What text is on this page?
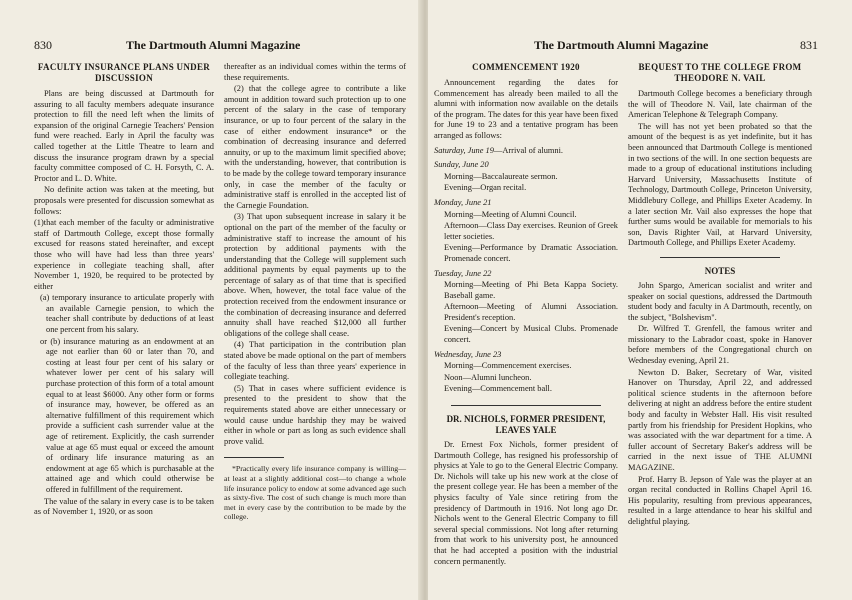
830	The Dartmouth Alumni Magazine
FACULTY INSURANCE PLANS UNDER DISCUSSION

Plans are being discussed at Dartmouth for assuring to all faculty members adequate insurance protection to fill the need left when the limits of expansion of the original Carnegie Teachers' Pension fund were reached. Early in April the faculty was called together at the Little Theatre to learn and discuss the insurance program drawn by a special faculty committee composed of C. H. Forsyth, C. A. Proctor and L. D. White.

No definite action was taken at the meeting, but proposals were presented for discussion somewhat as follows:

(1)that each member of the faculty or administrative staff of Dartmouth College, except those formally excused for reasons stated hereinafter, and except those who will have had less than three years' experience in collegiate teaching shall, after November 1, 1920, be required to be protected by either

(a) temporary insurance to articulate properly with an available Carnegie pension, to which the teacher shall contribute by deductions of at least one percent from his salary.

or (b) insurance maturing as an endowment at an age not earlier than 60 or later than 70, and costing at least four per cent of his salary or whatever lower per cent of his salary will purchase protection of this form of a total amount equal to at least $6000. Any other form or forms of insurance may, however, be offered as an alternative fulfillment of this requirement which provide a sufficient cash surrender value at the age of retirement. Explicitly, the cash surrender value at age 65 must equal or exceed the amount of ordinary life insurance maturing as an endowment at age 65 which is purchasable at the attained age and which could otherwise be offered in fulfillment of the requirement.

The value of the salary in every case is to be taken as of November 1, 1920, or as soon

thereafter as an individual comes within the terms of these requirements.

(2) that the college agree to contribute a like amount in addition toward such protection up to one percent of the salary in the case of temporary insurance, or up to four percent of the salary in the case of either endowment insurance* or the combination of decreasing insurance and deferred annuity, or up to the maximum limit specified above; with the understanding, however, that contribution is to be made by the college toward temporary insurance only, in case the member of the faculty or administrative staff is enrolled in the accepted list of the Carnegie Foundation.

(3) That upon subsequent increase in salary it be optional on the part of the member of the faculty or administrative staff to increase the amount of his protection by additional payments with the understanding that the College will supplement such additional payments by equal payments up to the percentage of salary as of that time that is specified above. When, however, the total face value of the protection received from the endowment insurance or the combination of decreasing insurance and deferred annuity shall have reached $12,000 all further obligations of the college shall cease.

(4) That participation in the contribution plan stated above be made optional on the part of members of the faculty of less than three years' experience in collegiate teaching.

(5) That in cases where sufficient evidence is presented to the president to show that the requirements stated above are either unnecessary or would cause undue hardship they may be waived either in whole or part as long as such evidence shall prove valid.

*Practically every life insurance company is willing—at least at a slightly additional cost—to change a whole life insurance policy to endow at some advanced age such as sixty-five. The cost of such change is much more than met in every case by the contribution to be made by the college.

The Dartmouth Alumni Magazine	831
COMMENCEMENT 1920

Announcement regarding the dates for Commencement has already been mailed to all the alumni with information now available on the details of the program. The dates for this year have been fixed for June 19 to 23 and a tentative program has been arranged as follows:

Saturday, June 19—Arrival of alumni.

Sunday, June 20

Morning—Baccalaureate sermon.

Evening—Organ recital.

Monday, June 21

Morning—Meeting of Alumni Council.

Afternoon—Class Day exercises. Reunion of Greek letter societies.

Evening—Performance by Dramatic Association. Promenade concert.

Tuesday, June 22

Morning—Meeting of Phi Beta Kappa Society. Baseball game.

Afternoon—Meeting of Alumni Association. President's reception.

Evening—Concert by Musical Clubs. Promenade concert.

Wednesday, June 23

Morning—Commencement exercises.

Noon—Alumni luncheon.

Evening—Commencement ball.

DR. NICHOLS, FORMER PRESIDENT, LEAVES YALE

Dr. Ernest Fox Nichols, former president of Dartmouth College, has resigned his professorship of physics at Yale to go to the General Electric Company. Dr. Nichols will take up his new work at the close of the present college year. He has been a member of the physics faculty of Yale since retiring from the presidency of Dartmouth in 1916. Not long ago Dr. Nichols went to the General Electric Company to fill several special commissions. Not long after returning from that work to his university post, he announced that he had accepted a position with the industrial concern permanently.

BEQUEST TO THE COLLEGE FROM THEODORE N. VAIL

Dartmouth College becomes a beneficiary through the will of Theodore N. Vail, late chairman of the American Telephone & Telegraph Company.

The will has not yet been probated so that the amount of the bequest is as yet indefinite, but it has been announced that Dartmouth College is mentioned in two sections of the will. In one section bequests are made to a group of educational institutions including Harvard University, Massachusetts Institute of Technology, Dartmouth College, Princeton University, Middlebury College, and Phillips Exeter Academy. In a later section Mr. Vail also expresses the hope that further sums would be available for memorials to his son, Davis Righter Vail, at Harvard University, Dartmouth College, and Phillips Exeter Academy.

NOTES

John Spargo, American socialist and writer and speaker on social questions, addressed the Dartmouth student body and faculty in A Dartmouth, recently, on the subject, "Bolshevism".

Dr. Wilfred T. Grenfell, the famous writer and missionary to the Labrador coast, spoke in Hanover before members of the Congregational church on Wednesday evening, April 21.

Newton D. Baker, Secretary of War, visited Hanover on Thursday, April 22, and addressed political science students in the afternoon before delivering at night an address before the entire student body and faculty in Webster Hall. His visit resulted partly from his friendship for President Hopkins, who was associated with the war department for a time. A fuller account of Secretary Baker's address will be carried in the next issue of THE ALUMNI MAGAZINE.

Prof. Harry B. Jepson of Yale was the player at an organ recital conducted in Rollins Chapel April 16. His popularity, resulting from previous appearances, resulted in a large attendance to hear his skilful and delightful playing.
